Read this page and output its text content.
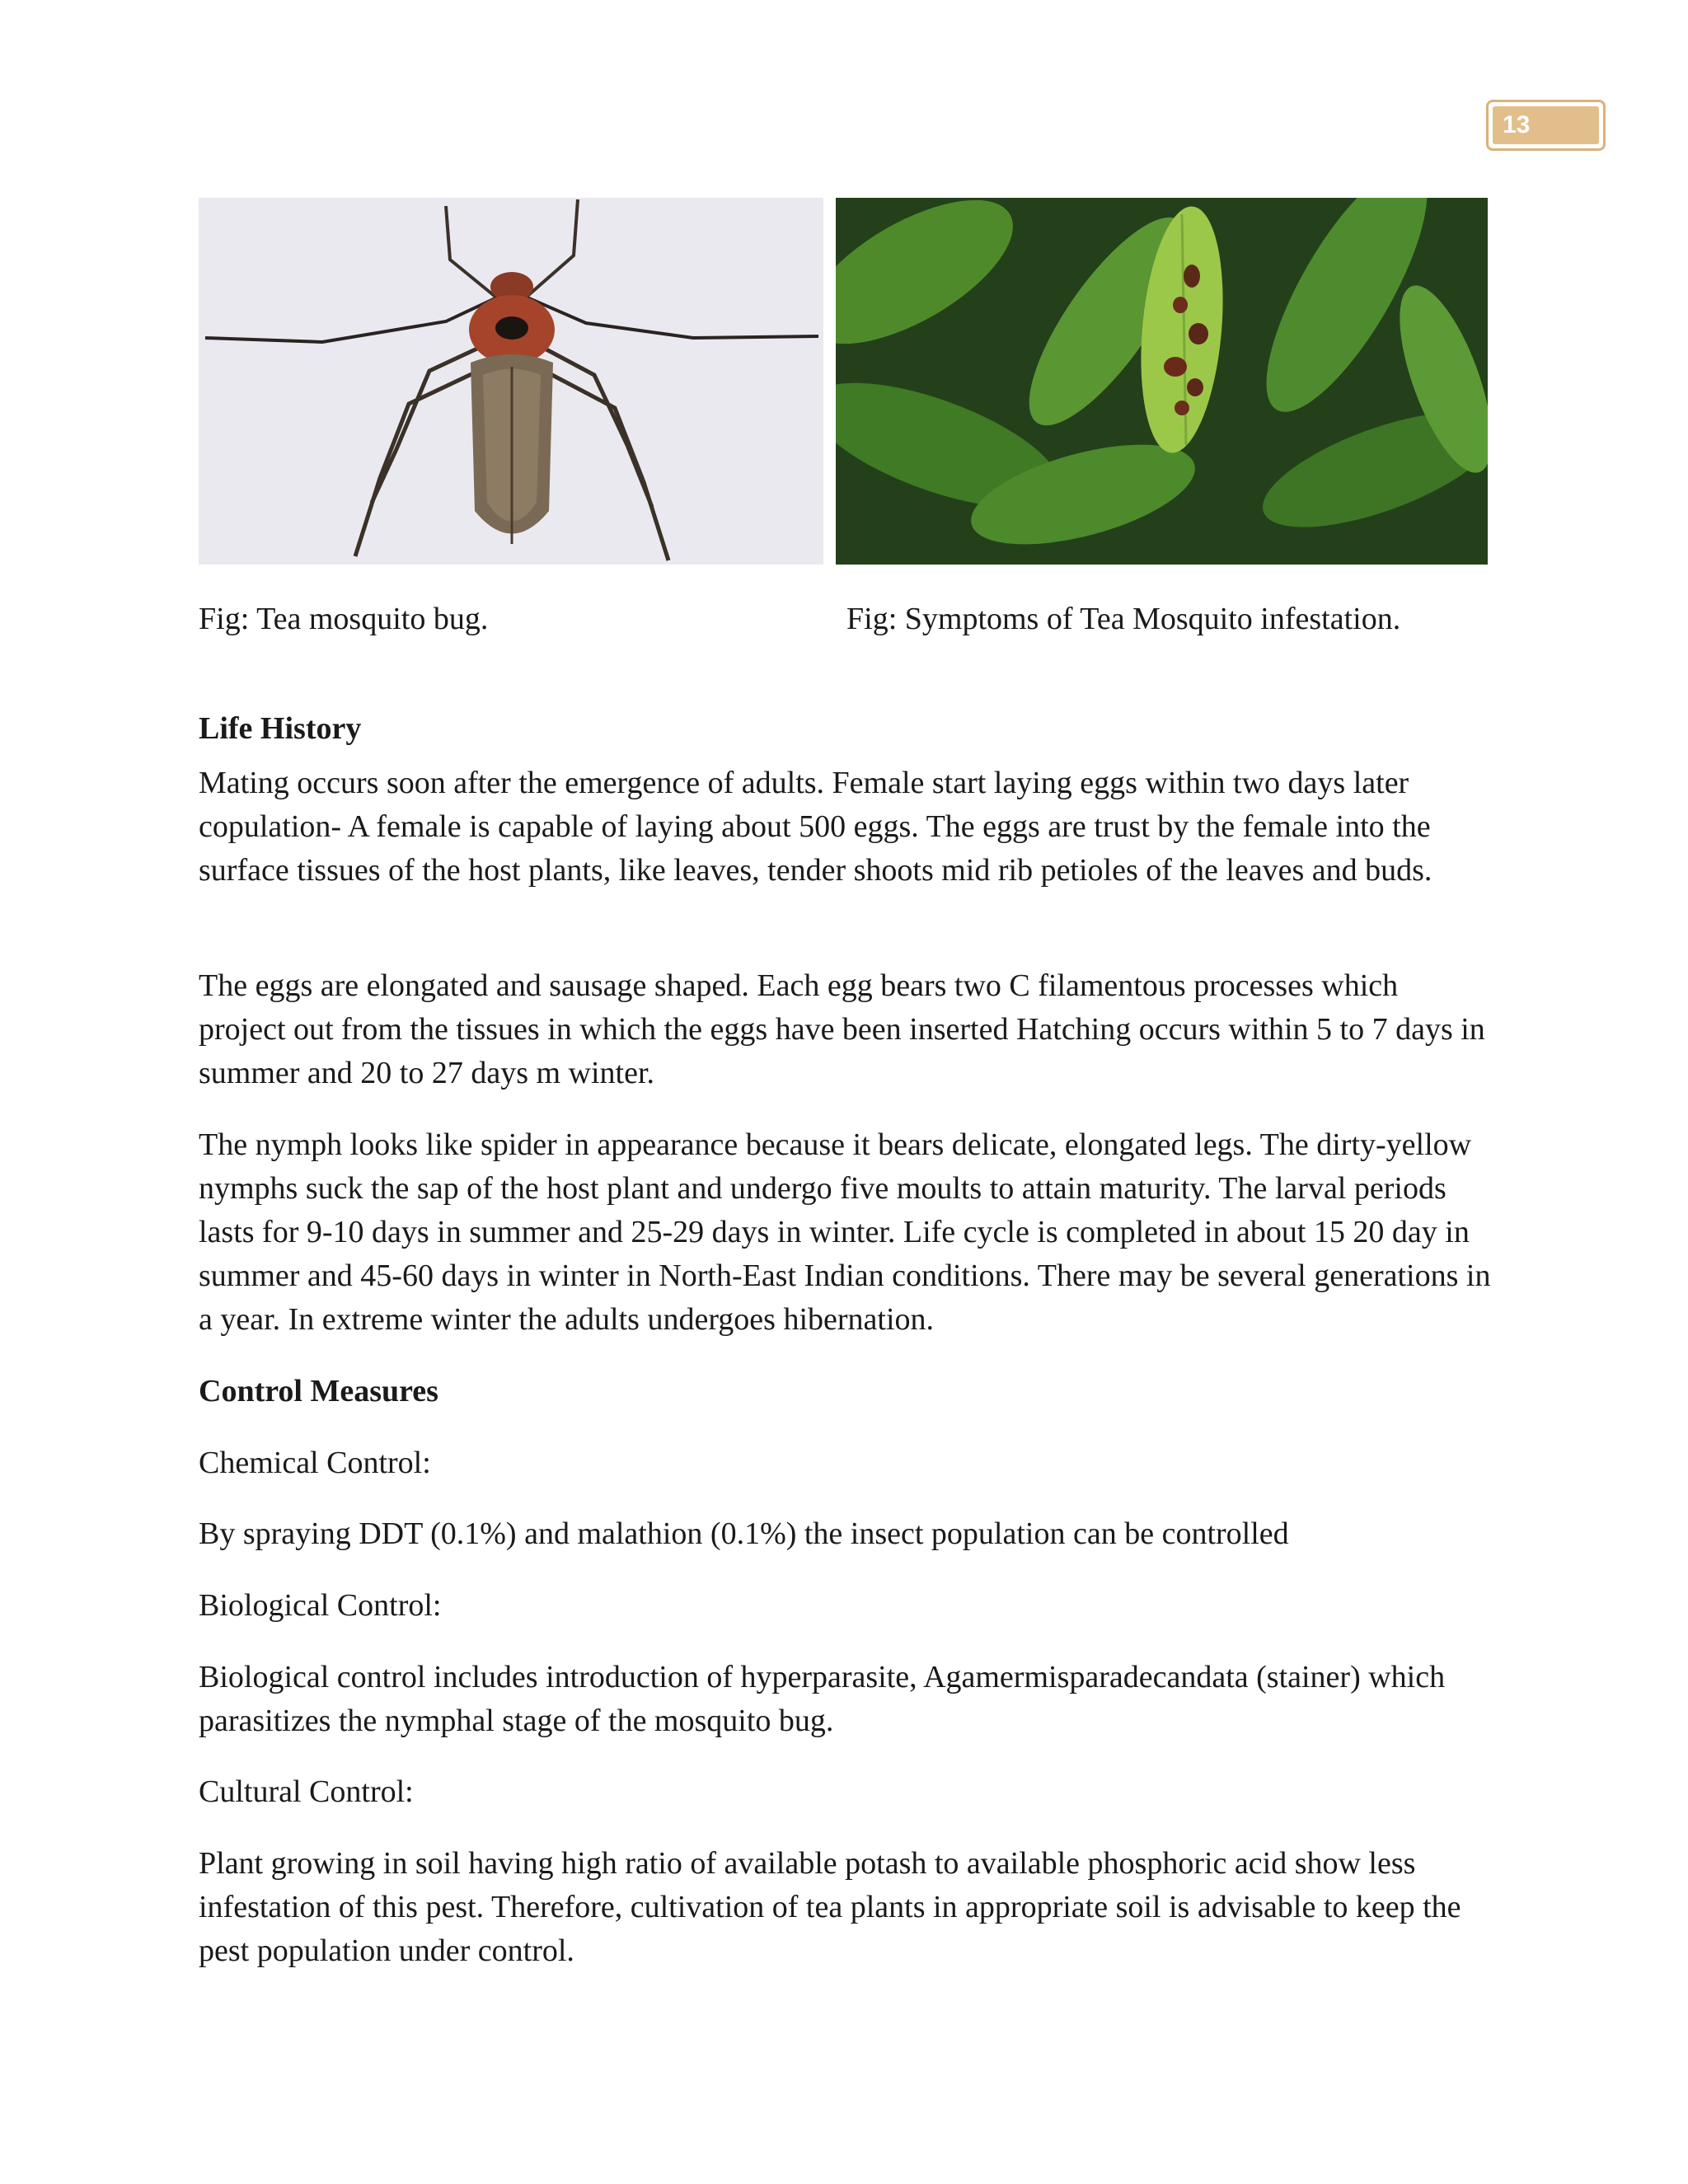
13
Fig: Tea mosquito bug.	Fig: Symptoms of Tea Mosquito infestation.
Life History
Mating occurs soon after the emergence of adults. Female start laying eggs within two days later copulation- A female is capable of laying about 500 eggs. The eggs are trust by the female into the surface tissues of the host plants, like leaves, tender shoots mid rib petioles of the leaves and buds.
The eggs are elongated and sausage shaped. Each egg bears two C filamentous processes which project out from the tissues in which the eggs have been inserted Hatching occurs within 5 to 7 days in summer and 20 to 27 days m winter.
The nymph looks like spider in appearance because it bears delicate, elongated legs. The dirty-yellow nymphs suck the sap of the host plant and undergo five moults to attain maturity. The larval periods lasts for 9-10 days in summer and 25-29 days in winter. Life cycle is completed in about 15 20 day in summer and 45-60 days in winter in North-East Indian conditions. There may be several generations in a year. In extreme winter the adults undergoes hibernation.
Control Measures
Chemical Control:
By spraying DDT (0.1%) and malathion (0.1%) the insect population can be controlled
Biological Control:
Biological control includes introduction of hyperparasite, Agamermisparadecandata (stainer) which parasitizes the nymphal stage of the mosquito bug.
Cultural Control:
Plant growing in soil having high ratio of available potash to available phosphoric acid show less infestation of this pest. Therefore, cultivation of tea plants in appropriate soil is advisable to keep the pest population under control.
